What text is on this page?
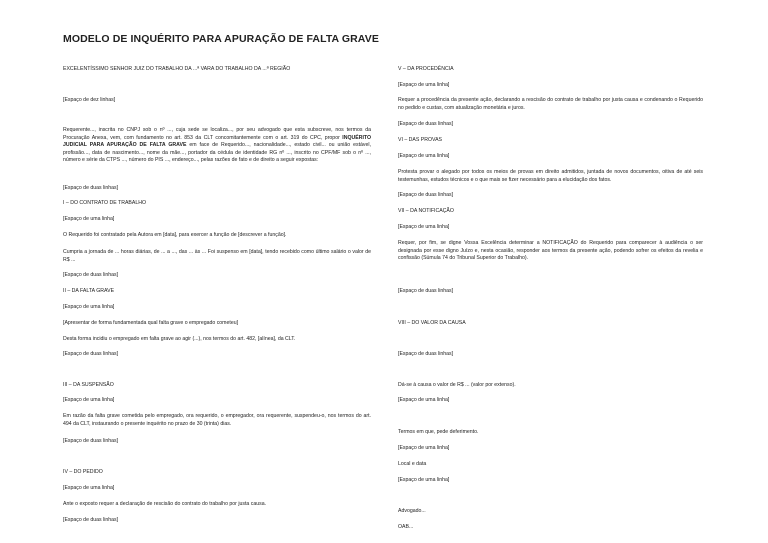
MODELO DE INQUÉRITO PARA APURAÇÃO DE FALTA GRAVE

EXCELENTÍSSIMO SENHOR JUIZ DO TRABALHO DA ...ª VARA DO TRABALHO DA ...ª REGIÃO

[Espaço de dez linhas]

Requerente..., inscrita no CNPJ sob o nº ..., cuja sede se localiza..., por seu advogado que esta subscreve, nos termos da Procuração Anexa, vem, com fundamento no art. 853 da CLT concomitantemente com o art. 319 do CPC, propor INQUÉRITO JUDICIAL PARA APURAÇÃO DE FALTA GRAVE em face de Requerido..., nacionalidade..., estado civil... ou união estável, profissão..., data de nascimento..., nome da mãe..., portador da cédula de identidade RG nº ..., inscrito no CPF/MF sob o nº ..., número e série da CTPS ..., número do PIS ..., endereço..., pelas razões de fato e de direito a seguir expostas:

[Espaço de duas linhas]

I – DO CONTRATO DE TRABALHO

[Espaço de uma linha]

O Requerido foi contratado pela Autora em [data], para exercer a função de [descrever a função].

Cumpria a jornada de ... horas diárias, de ... a ..., das ... às ... Foi suspenso em [data], tendo recebido como último salário o valor de R$ ...

[Espaço de duas linhas]

II – DA FALTA GRAVE

[Espaço de uma linha]

[Apresentar de forma fundamentada qual falta grave o empregado cometeu]

Desta forma incidiu o empregado em falta grave ao agir (...), nos termos do art. 482, [alínea], da CLT.

[Espaço de duas linhas]

III – DA SUSPENSÃO

[Espaço de uma linha]

Em razão da falta grave cometida pelo empregado, ora requerido, o empregador, ora requerente, suspendeu-o, nos termos do art. 494 da CLT, instaurando o presente inquérito no prazo de 30 (trinta) dias.

[Espaço de duas linhas]

IV – DO PEDIDO

[Espaço de uma linha]

Ante o exposto requer a declaração de rescisão do contrato do trabalho por justa causa.

[Espaço de duas linhas]

V – DA PROCEDÊNCIA

[Espaço de uma linha]

Requer a procedência da presente ação, declarando a rescisão do contrato de trabalho por justa causa e condenando o Requerido no pedido e custas, com atualização monetária e juros.

[Espaço de duas linhas]

VI – DAS PROVAS

[Espaço de uma linha]

Protesta provar o alegado por todos os meios de provas em direito admitidos, juntada de novos documentos, oitiva de até seis testemunhas, estudos técnicos e o que mais se fizer necessário para a elucidação dos fatos.

[Espaço de duas linhas]

VII – DA NOTIFICAÇÃO

[Espaço de uma linha]

Requer, por fim, se digne Vossa Excelência determinar a NOTIFICAÇÃO do Requerido para comparecer à audiência o ser designada por esse digno Juízo e, nesta ocasião, responder aos termos da presente ação, podendo sofrer os efeitos da revelia e confissão (Súmula 74 do Tribunal Superior do Trabalho).

[Espaço de duas linhas]

VIII – DO VALOR DA CAUSA

[Espaço de duas linhas]

Dá-se à causa o valor de R$ ... (valor por extenso).

[Espaço de uma linha]

Termos em que, pede deferimento.

[Espaço de uma linha]

Local e data

[Espaço de uma linha]

Advogado...

OAB...
